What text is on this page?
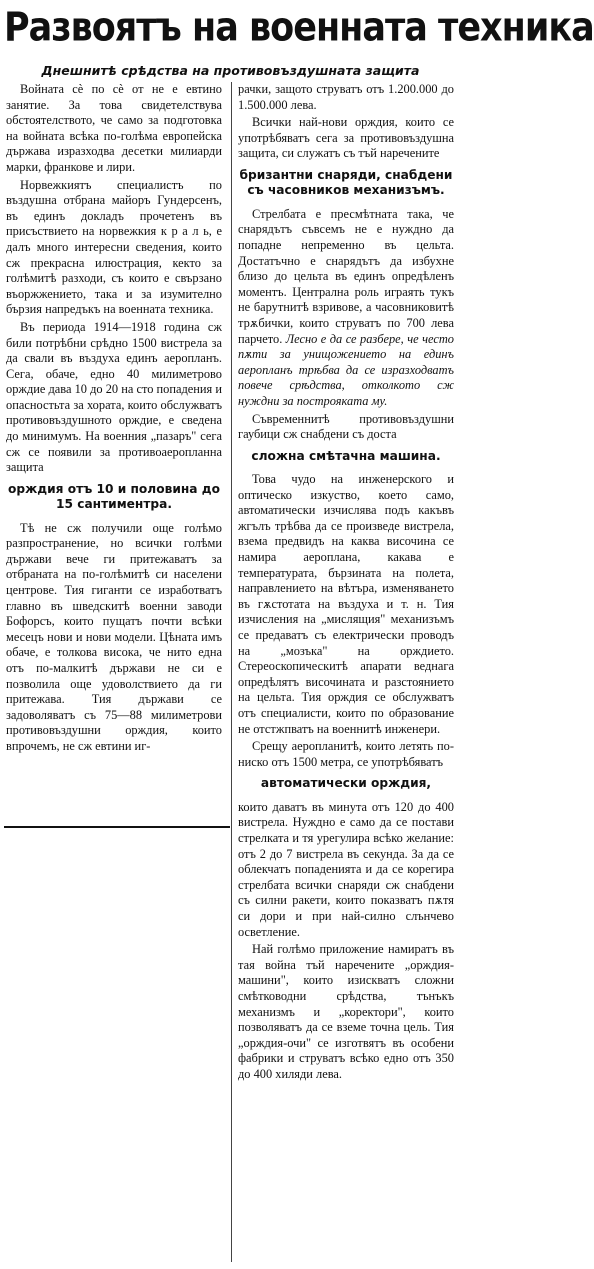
Развоятъ на военната техника
Днешнитѣ срѣдства на противовъздушната защита

Войната сѐ по сѐ от не е евтино занятие. За това свидетелствува обстоятелството, че само за подготовка на войната всѣка по-голѣма европейска държава изразходва десетки милиарди марки, франкове и лири.

Норвежкиятъ специалистъ по въздушна отбрана майоръ Гундерсенъ, въ единъ докладъ прочетенъ въ присъствието на норвежкия к р а л ь, е далъ много интересни сведения, които сж прекрасна илюстрация, кекто за голѣмитѣ разходи, съ които е свързано въоржжението, така и за изумително бързия напредъкъ на военната техника.

Въ периода 1914—1918 година сж били потрѣбни срѣдно 1500 вистрела за да свали въ въздуха единъ аеропланъ. Сега, обаче, едно 40 милиметрово орждие дава 10 до 20 на сто попадения и опасностьта за хората, които обслужватъ противовъздушното орждие, е сведена до минимумъ. На военния „пазаръ" сега сж се появили за противоаеропланна защита

орждия отъ 10 и половина до 15 сантиментра.

Тѣ не сж получили още голѣмо разпространение, но всички голѣми държави вече ги притежаватъ за отбраната на по-голѣмитѣ си населени центрове. Тия гиганти се изработватъ главно въ шведскитѣ военни заводи Бофорсъ, които пущатъ почти всѣки месецъ нови и нови модели. Цѣната имъ обаче, е толкова висока, че нито една отъ по-малкитѣ държави не си е позволила още удоволствието да ги притежава. Тия държави се задоволяватъ съ 75—88 милиметрови противовъздушни орждия, които впрочемъ, не сж евтини иг-

рачки, защото струватъ отъ 1.200.000 до 1.500.000 лева.

Всички най-нови орждия, които се употрѣбяватъ сега за противовъздушна защита, си служатъ съ тъй наречените

бризантни снаряди, снабдени съ часовников механизъмъ.

Стрелбата е пресмѣтната така, че снарядътъ съвсемъ не е нуждно да попадне непременно въ цельта. Достатъчно е снарядътъ да избухне близо до цельта въ единъ опредѣленъ моментъ. Централна роль играять тукъ не барутнитѣ взривове, а часовниковитѣ трѫбички, които струватъ по 700 лева парчето. Лесно е да се разбере, че често пѫти за унищожението на единъ аеропланъ трѣбва да се изразходватъ повече срѣдства, отколкото сж нуждни за построяката му.

Съвременнитѣ противовъздушни гаубици сж снабдени съ доста

сложна смѣтачна машина.

Това чудо на инженерского и оптическо изкуство, което само, автоматически изчислява подъ какъвъ жгълъ трѣбва да се произведе вистрела, взема предвидъ на каква височина се намира аеропланa, какава е температурата, бързината на полета, направлението на вѣтъра, изменяването въ гѫстотата на въздуха и т. н. Тия изчисления на „мислящия" механизъмъ се предаватъ съ електрически проводъ на „мозъка" на орждието. Стереоскопическитѣ апарати веднага опредѣлятъ височината и разстоянието на цельта. Тия орждия се обслужватъ отъ специалисти, които по образование не отстжпватъ на военнитѣ инженери.

Срещу аеропланитѣ, които летять по-ниско отъ 1500 метра, се употрѣбяватъ

автоматически орждия,

които даватъ въ минута отъ 120 до 400 вистрела. Нуждно е само да се постави стрелката и тя урегулира всѣко желание: отъ 2 до 7 вистрела въ секунда. За да се облекчатъ попаденията и да се корегира стрелбата всички снаряди сж снабдени съ силни ракети, които показватъ пѫтя си дори и при най-силно слънчево осветление.

Най голѣмо приложение намиратъ въ тая война тъй наречените „орждия-машини", които изискватъ сложни смѣтководни срѣдства, тънъкъ механизмъ и „коректори", които позволяватъ да се вземе точна цель. Тия „орждия-очи" се изготвятъ въ особени фабрики и струватъ всѣко едно отъ 350 до 400 хиляди лева.
